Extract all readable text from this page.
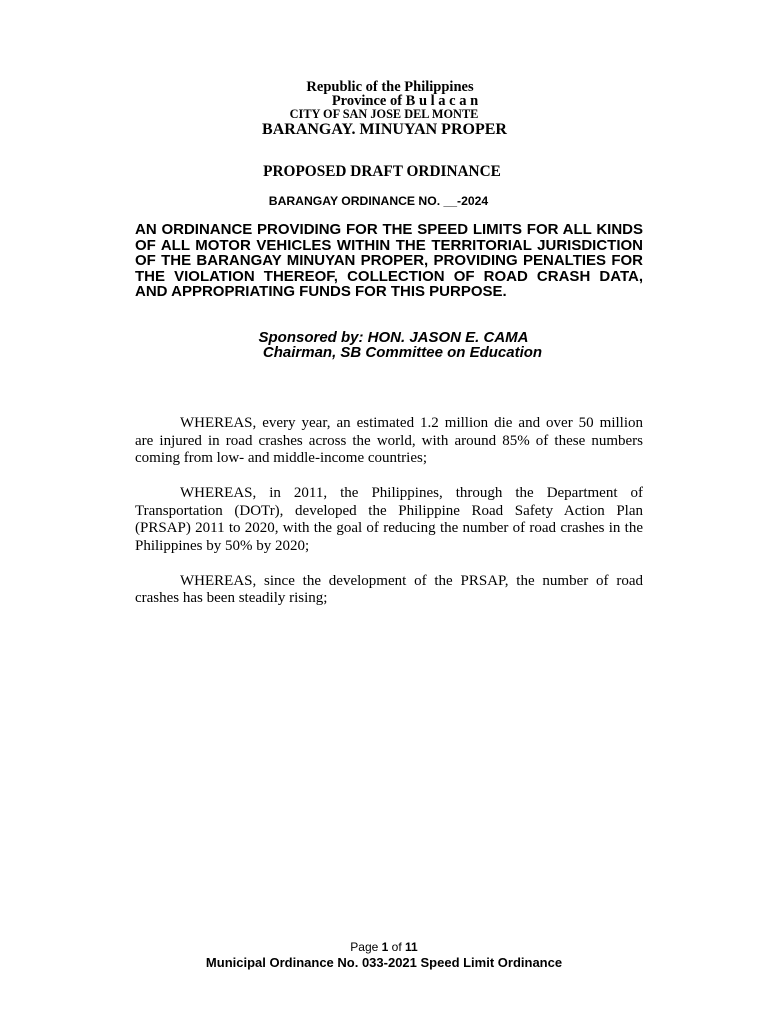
Republic of the Philippines
Province of B u l a c a n
CITY OF SAN JOSE DEL MONTE
BARANGAY. MINUYAN PROPER
PROPOSED DRAFT ORDINANCE
BARANGAY ORDINANCE NO. __-2024
AN ORDINANCE PROVIDING FOR THE SPEED LIMITS FOR ALL KINDS
OF ALL MOTOR VEHICLES WITHIN THE TERRITORIAL JURISDICTION
OF THE BARANGAY MINUYAN PROPER, PROVIDING PENALTIES FOR
THE VIOLATION THEREOF, COLLECTION OF ROAD CRASH DATA,
AND APPROPRIATING FUNDS FOR THIS PURPOSE.
Sponsored by: HON. JASON E. CAMA
Chairman, SB Committee on Education
WHEREAS, every year, an estimated 1.2 million die and over 50 million
are injured in road crashes across the world, with around 85% of these numbers
coming from low- and middle-income countries;
WHEREAS, in 2011, the Philippines, through the Department of
Transportation (DOTr), developed the Philippine Road Safety Action Plan
(PRSAP) 2011 to 2020, with the goal of reducing the number of road crashes in the
Philippines by 50% by 2020;
WHEREAS, since the development of the PRSAP, the number of road
crashes has been steadily rising;
Page 1 of 11
Municipal Ordinance No. 033-2021 Speed Limit Ordinance
